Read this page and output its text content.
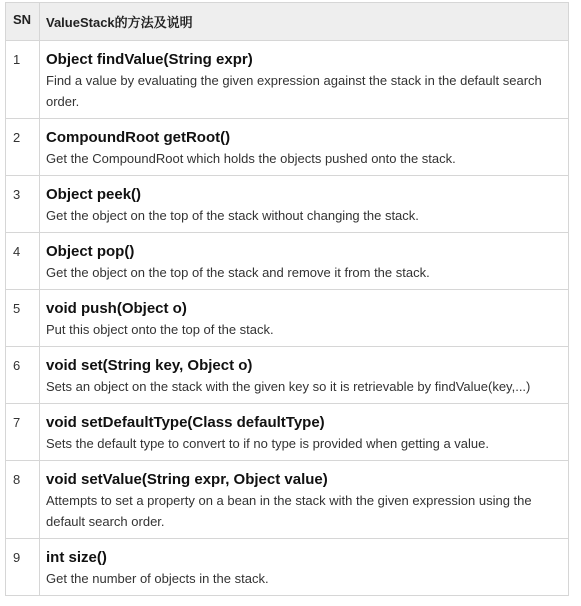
SN	ValueStack的方法及说明
1	Object findValue(String expr)
Find a value by evaluating the given expression against the stack in the default search order.

2	CompoundRoot getRoot()
Get the CompoundRoot which holds the objects pushed onto the stack.

3	Object peek()
Get the object on the top of the stack without changing the stack.

4	Object pop()
Get the object on the top of the stack and remove it from the stack.

5	void push(Object o)
Put this object onto the top of the stack.

6	void set(String key, Object o)
Sets an object on the stack with the given key so it is retrievable by findValue(key,...)

7	void setDefaultType(Class defaultType)
Sets the default type to convert to if no type is provided when getting a value.

8	void setValue(String expr, Object value)
Attempts to set a property on a bean in the stack with the given expression using the default search order.

9	int size()
Get the number of objects in the stack.
